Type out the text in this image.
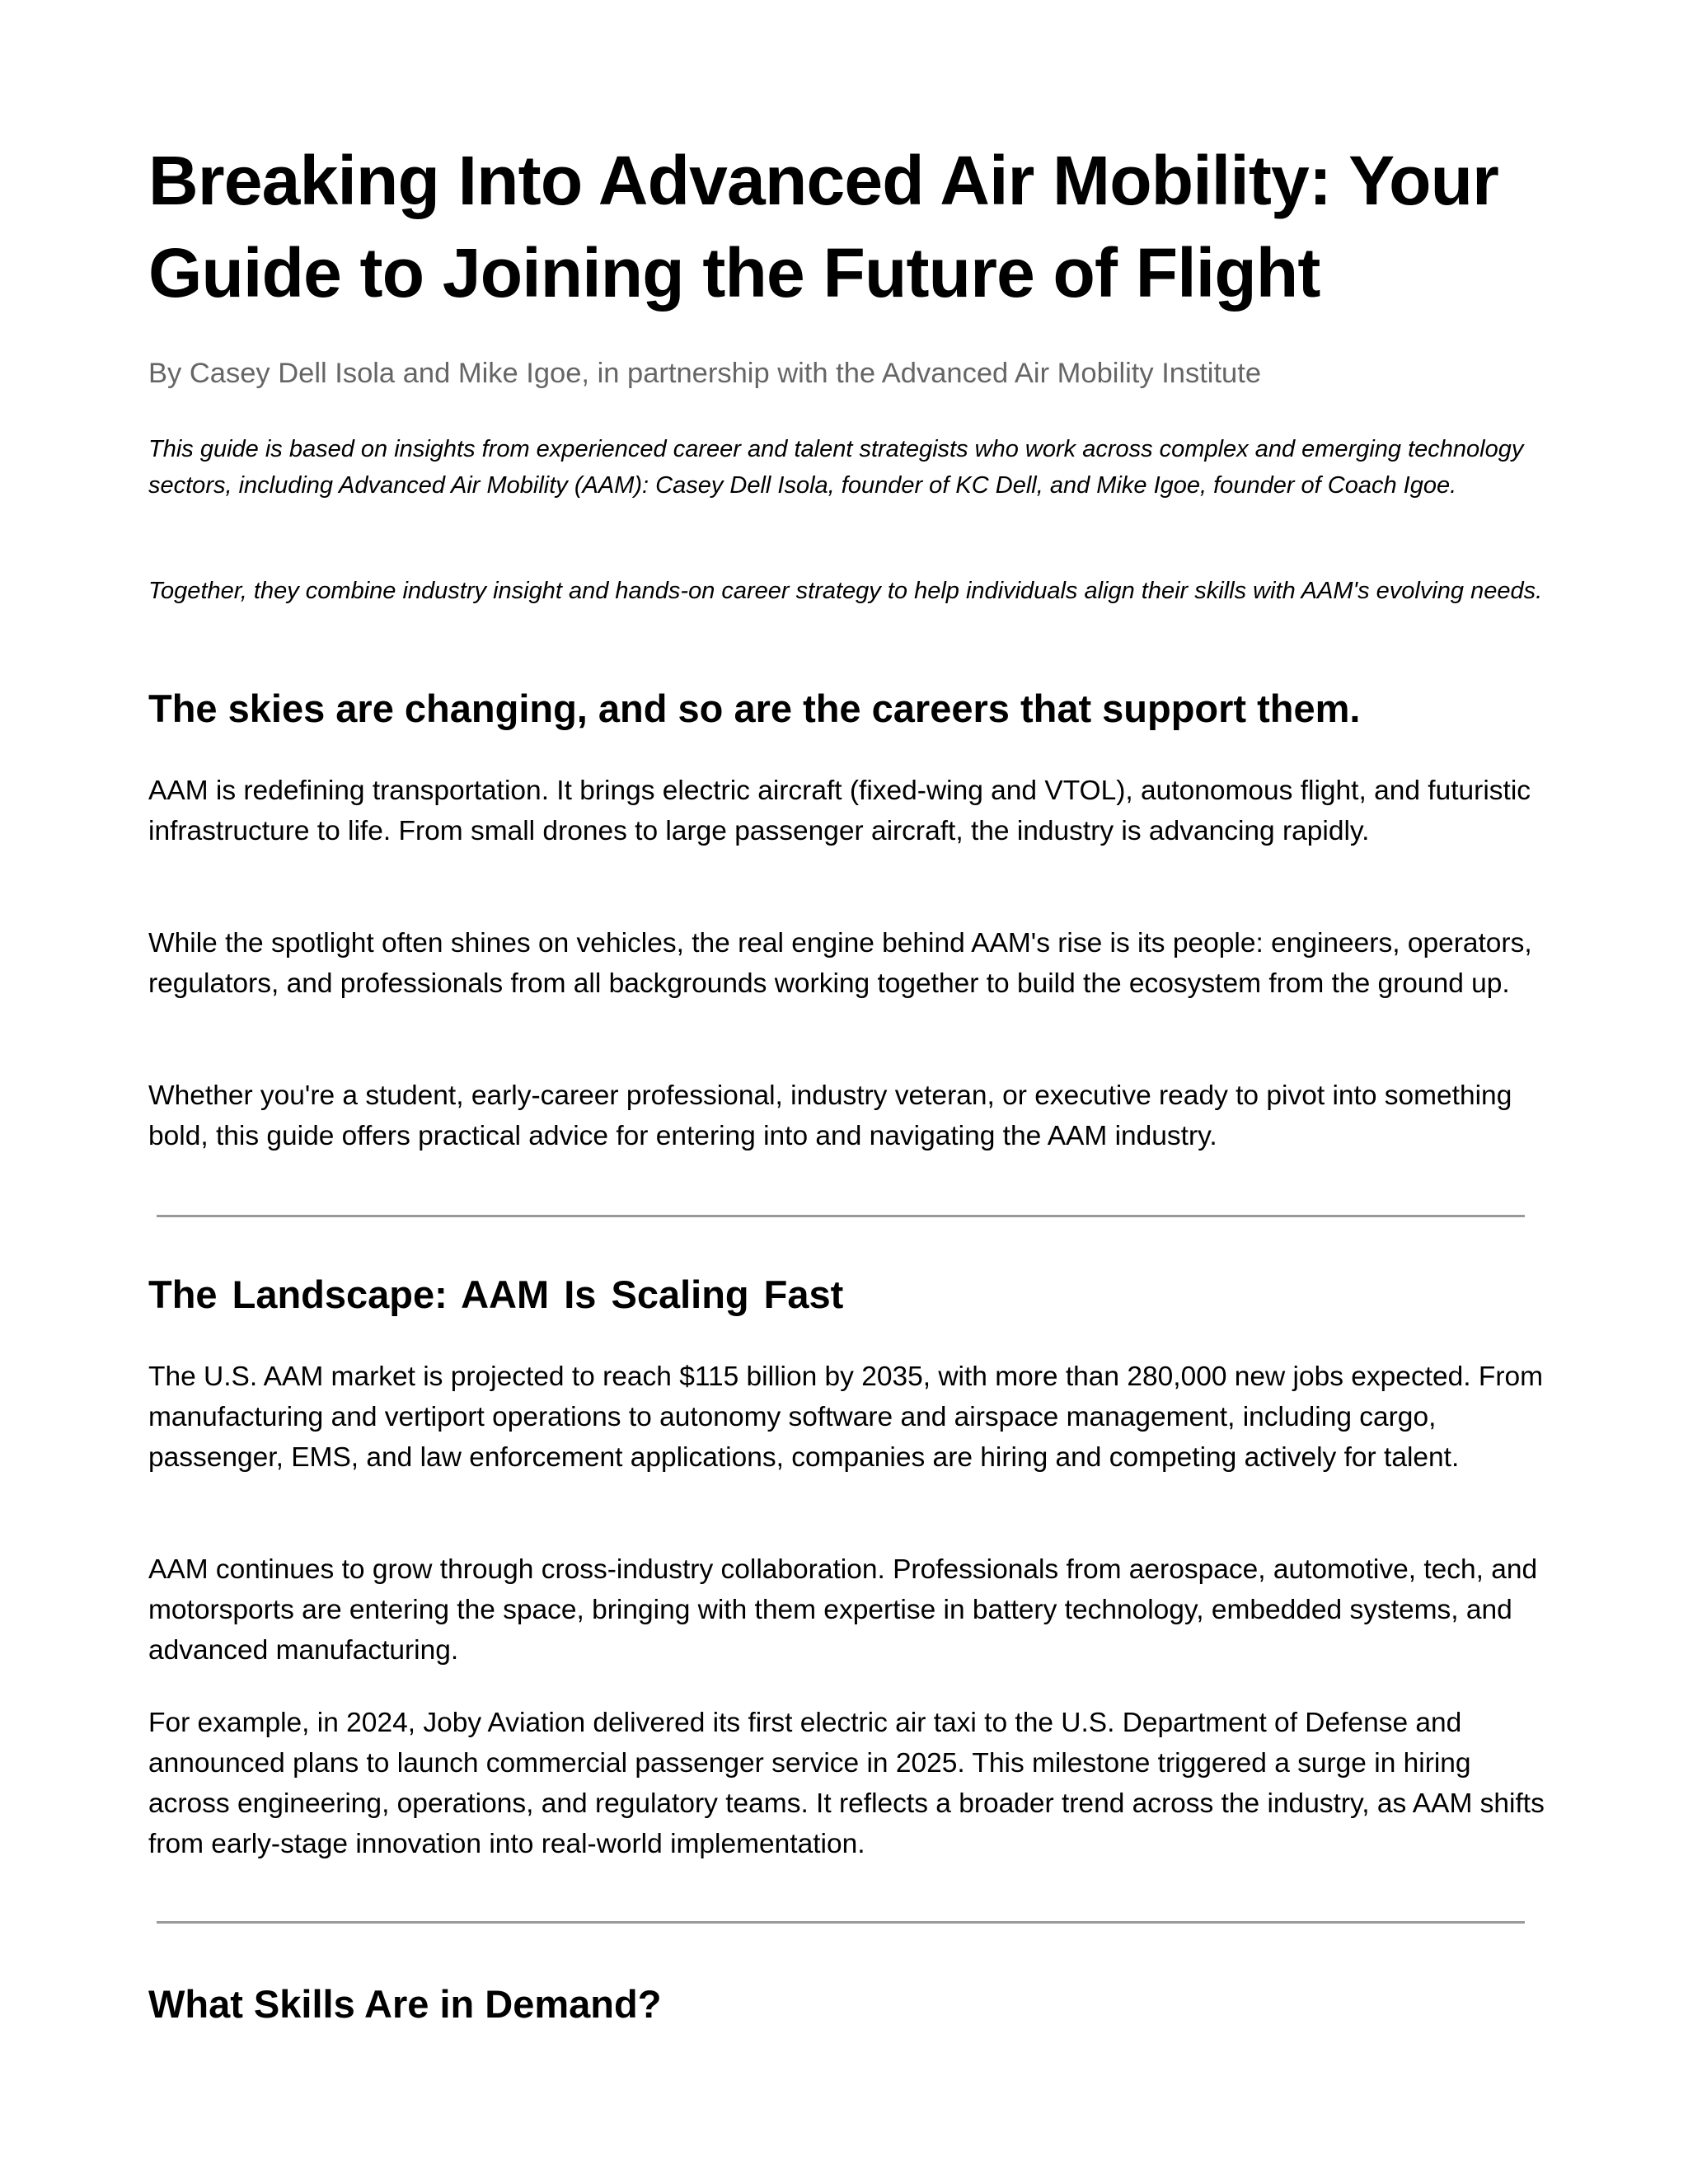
Breaking Into Advanced Air Mobility: Your Guide to Joining the Future of Flight

By Casey Dell Isola and Mike Igoe, in partnership with the Advanced Air Mobility Institute

This guide is based on insights from experienced career and talent strategists who work across complex and emerging technology sectors, including Advanced Air Mobility (AAM): Casey Dell Isola, founder of KC Dell, and Mike Igoe, founder of Coach Igoe.

Together, they combine industry insight and hands-on career strategy to help individuals align their skills with AAM's evolving needs.

The skies are changing, and so are the careers that support them.

AAM is redefining transportation. It brings electric aircraft (fixed-wing and VTOL), autonomous flight, and futuristic infrastructure to life. From small drones to large passenger aircraft, the industry is advancing rapidly.

While the spotlight often shines on vehicles, the real engine behind AAM's rise is its people: engineers, operators, regulators, and professionals from all backgrounds working together to build the ecosystem from the ground up.

Whether you're a student, early-career professional, industry veteran, or executive ready to pivot into something bold, this guide offers practical advice for entering into and navigating the AAM industry.

The Landscape: AAM Is Scaling Fast

The U.S. AAM market is projected to reach $115 billion by 2035, with more than 280,000 new jobs expected. From manufacturing and vertiport operations to autonomy software and airspace management, including cargo, passenger, EMS, and law enforcement applications, companies are hiring and competing actively for talent.

AAM continues to grow through cross-industry collaboration. Professionals from aerospace, automotive, tech, and motorsports are entering the space, bringing with them expertise in battery technology, embedded systems, and advanced manufacturing.

For example, in 2024, Joby Aviation delivered its first electric air taxi to the U.S. Department of Defense and announced plans to launch commercial passenger service in 2025. This milestone triggered a surge in hiring across engineering, operations, and regulatory teams. It reflects a broader trend across the industry, as AAM shifts from early-stage innovation into real-world implementation.

What Skills Are in Demand?
